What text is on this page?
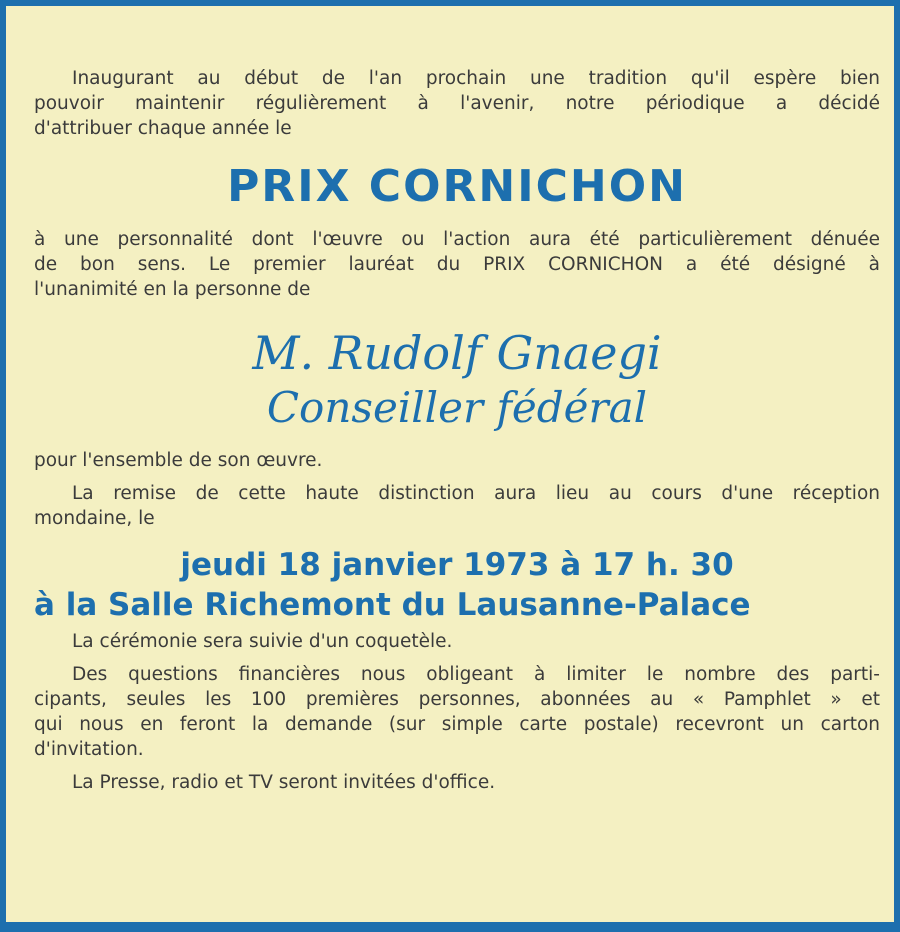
Inaugurant au début de l'an prochain une tradition qu'il espère bien
pouvoir maintenir régulièrement à l'avenir, notre périodique a décidé
d'attribuer chaque année le

PRIX CORNICHON

à une personnalité dont l'œuvre ou l'action aura été particulièrement dénuée
de bon sens. Le premier lauréat du PRIX CORNICHON a été désigné à
l'unanimité en la personne de

M. Rudolf Gnaegi

Conseiller fédéral

pour l'ensemble de son œuvre.

La remise de cette haute distinction aura lieu au cours d'une réception
mondaine, le

jeudi 18 janvier 1973 à 17 h. 30

à la Salle Richemont du Lausanne-Palace

La cérémonie sera suivie d'un coquetèle.

Des questions financières nous obligeant à limiter le nombre des parti-
cipants, seules les 100 premières personnes, abonnées au « Pamphlet » et
qui nous en feront la demande (sur simple carte postale) recevront un carton
d'invitation.

La Presse, radio et TV seront invitées d'office.
